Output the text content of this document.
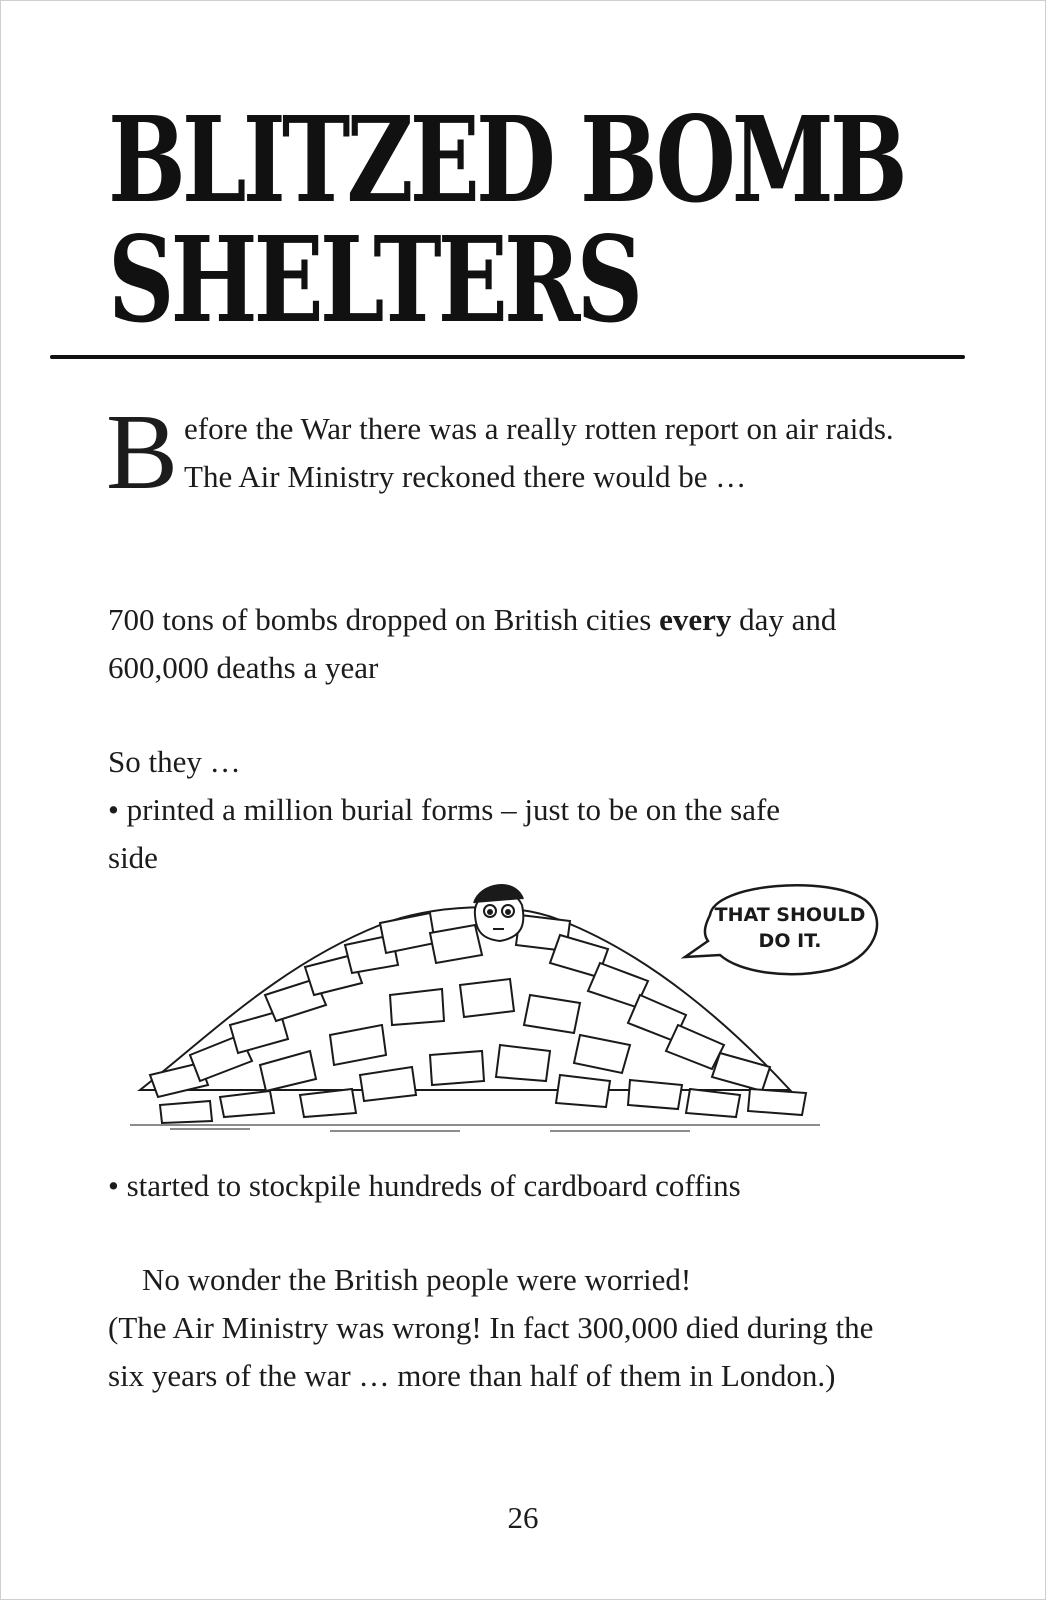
BLITZED BOMB
SHELTERS

Before the War there was a really rotten report on air raids. The Air Ministry reckoned there would be …

700 tons of bombs dropped on British cities every day and 600,000 deaths a year

So they …

• printed a million burial forms – just to be on the safe side

THAT SHOULD
DO IT.

• started to stockpile hundreds of cardboard coffins

No wonder the British people were worried!

(The Air Ministry was wrong! In fact 300,000 died during the six years of the war … more than half of them in London.)

26
